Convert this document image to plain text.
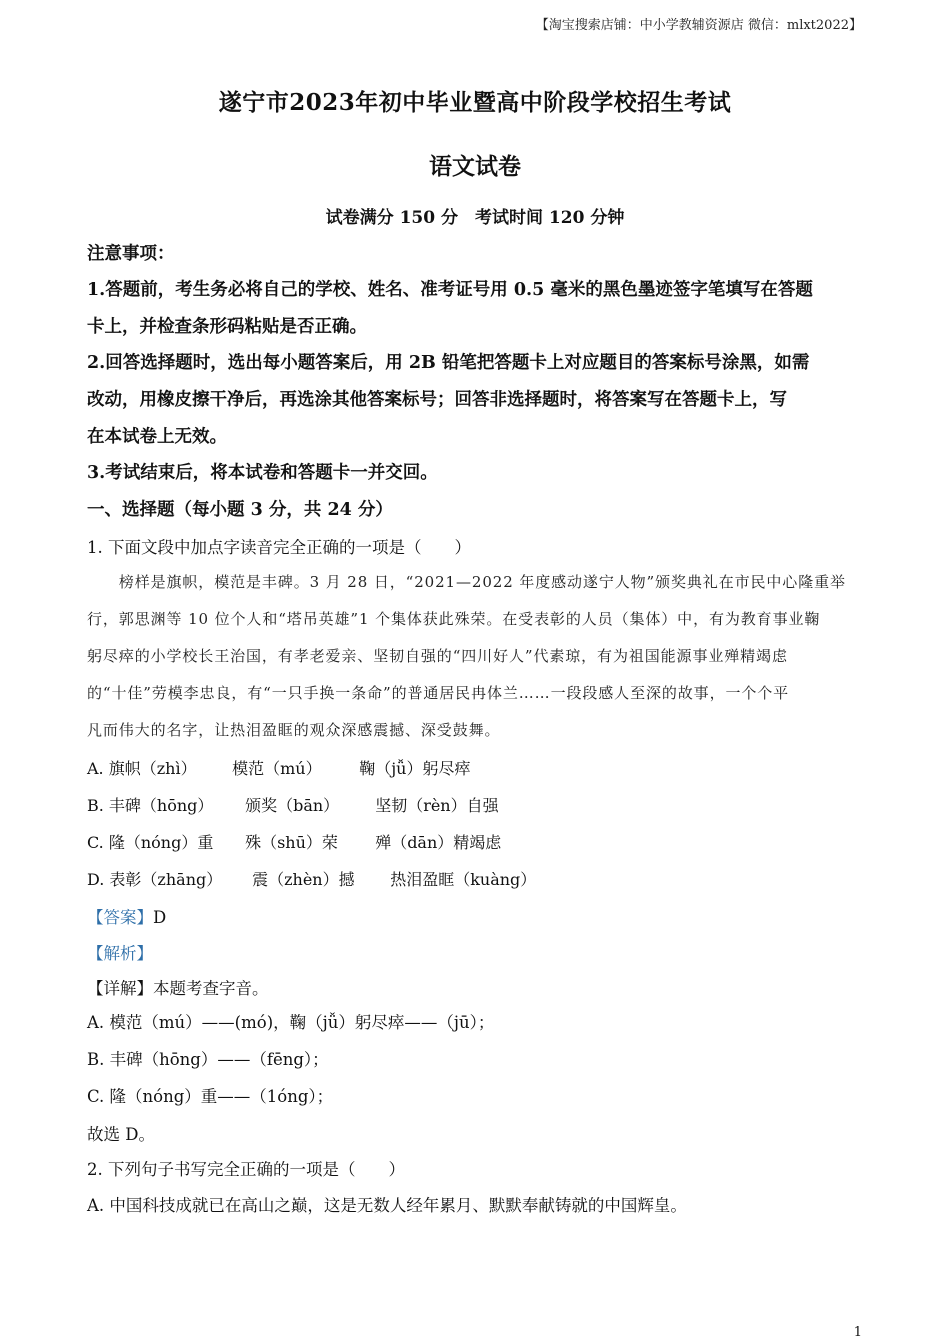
【淘宝搜索店铺：中小学教辅资源店 微信：mlxt2022】
遂宁市2023年初中毕业暨高中阶段学校招生考试
语文试卷
试卷满分 150 分　考试时间 120 分钟
注意事项：
1.答题前，考生务必将自己的学校、姓名、准考证号用 0.5 毫米的黑色墨迹签字笔填写在答题
卡上，并检查条形码粘贴是否正确。
2.回答选择题时，选出每小题答案后，用 2B 铅笔把答题卡上对应题目的答案标号涂黑，如需
改动，用橡皮擦干净后，再选涂其他答案标号；回答非选择题时，将答案写在答题卡上，写
在本试卷上无效。
3.考试结束后，将本试卷和答题卡一并交回。
一、选择题（每小题 3 分，共 24 分）
1. 下面文段中加点字读音完全正确的一项是（　　）
　　榜样是旗帜，模范是丰碑。3 月 28 日，“2021—2022 年度感动遂宁人物”颁奖典礼在市民中心隆重举
行，郭思渊等 10 位个人和“塔吊英雄”1 个集体获此殊荣。在受表彰的人员（集体）中，有为教育事业鞠
躬尽瘁的小学校长王治国，有孝老爱亲、坚韧自强的“四川好人”代素琼，有为祖国能源事业殚精竭虑
的“十佳”劳模李忠良，有“一只手换一条命”的普通居民冉体兰……一段段感人至深的故事，一个个平
凡而伟大的名字，让热泪盈眶的观众深感震撼、深受鼓舞。
A. 旗帜（zhì） 模范（mú） 鞠（jǚ）躬尽瘁
B. 丰碑（hōng） 颁奖（bān） 坚韧（rèn）自强
C. 隆（nóng）重 殊（shū）荣 殚（dān）精竭虑
D. 表彰（zhāng） 震（zhèn）撼 热泪盈眶（kuàng）
【答案】D
【解析】
【详解】本题考查字音。
A. 模范（mú）——(mó)，鞠（jǚ）躬尽瘁——（jū）；
B. 丰碑（hōng）——（fēng）；
C. 隆（nóng）重——（1óng）；
故选 D。
2. 下列句子书写完全正确的一项是（　　）
A. 中国科技成就已在高山之巅，这是无数人经年累月、默默奉献铸就的中国辉皇。
1
